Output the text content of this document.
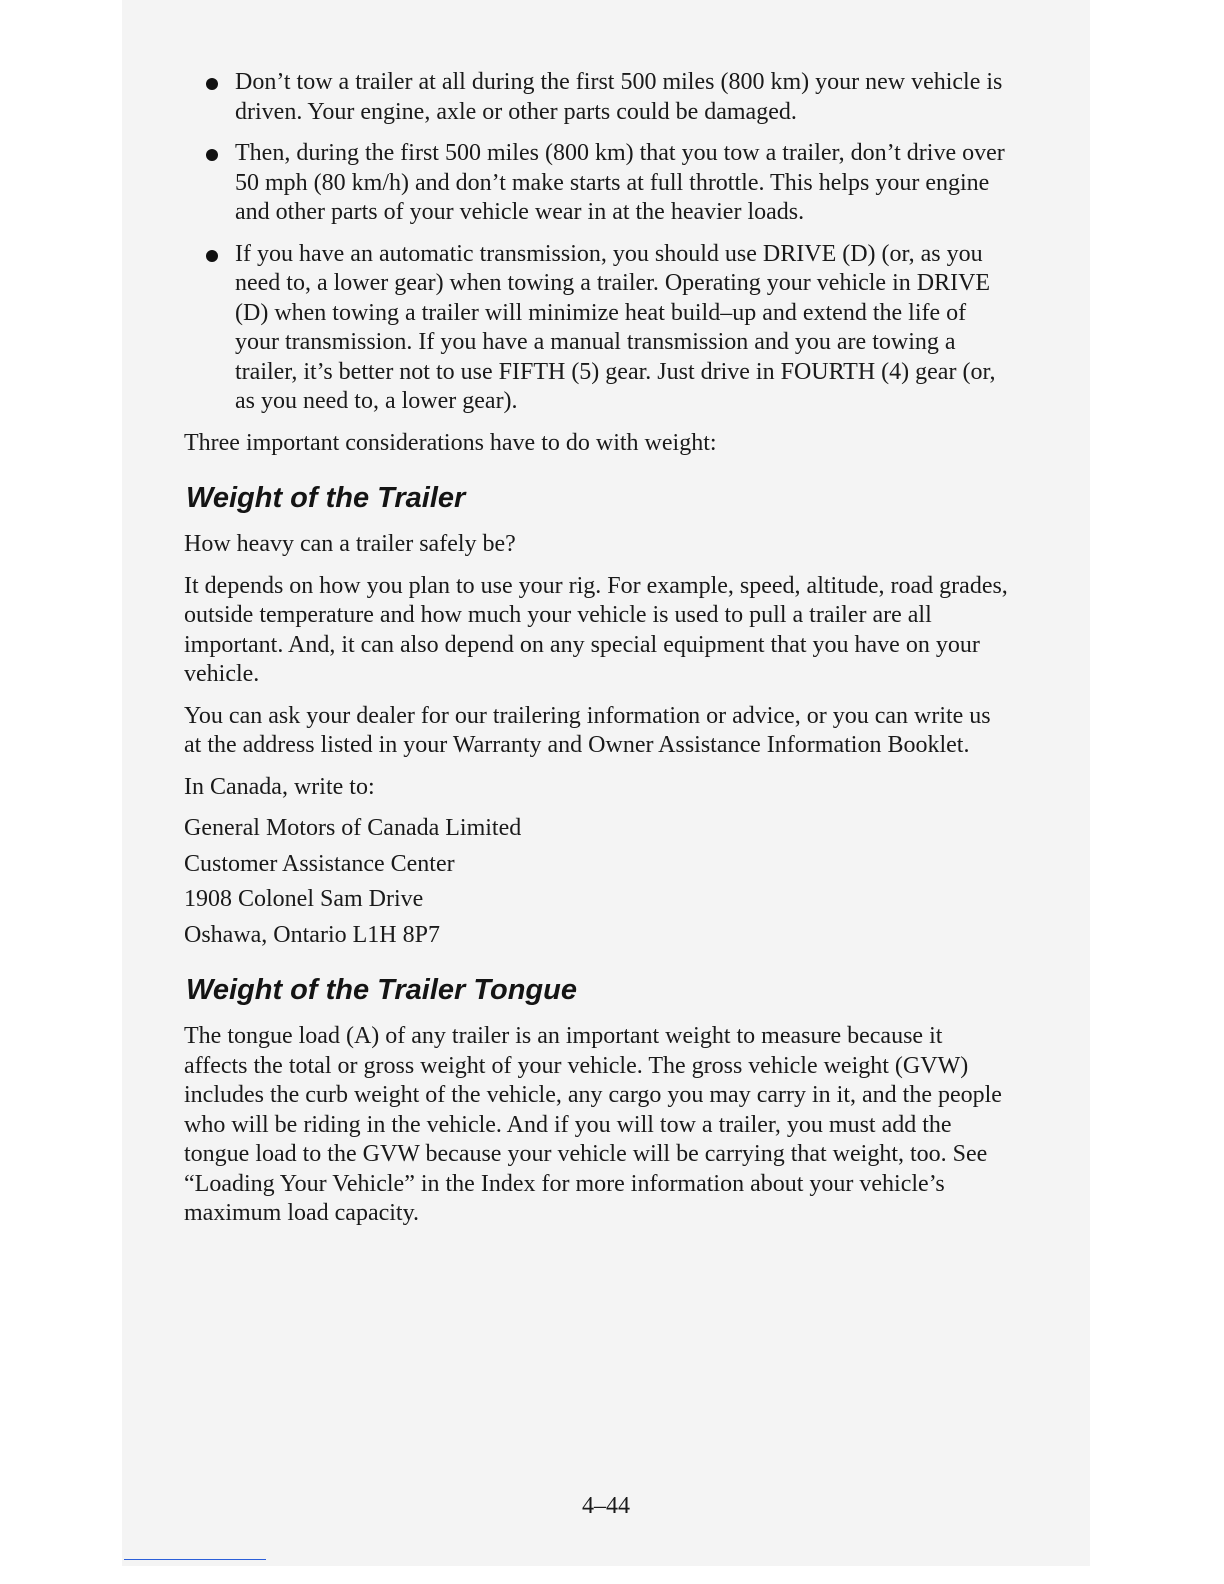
Don’t tow a trailer at all during the first 500 miles (800 km) your new vehicle is driven. Your engine, axle or other parts could be damaged.
Then, during the first 500 miles (800 km) that you tow a trailer, don’t drive over 50 mph (80 km/h) and don’t make starts at full throttle. This helps your engine and other parts of your vehicle wear in at the heavier loads.
If you have an automatic transmission, you should use DRIVE (D) (or, as you need to, a lower gear) when towing a trailer. Operating your vehicle in DRIVE (D) when towing a trailer will minimize heat build–up and extend the life of your transmission. If you have a manual transmission and you are towing a trailer, it’s better not to use FIFTH (5) gear. Just drive in FOURTH (4) gear (or, as you need to, a lower gear).

Three important considerations have to do with weight:

Weight of the Trailer

How heavy can a trailer safely be?

It depends on how you plan to use your rig. For example, speed, altitude, road grades, outside temperature and how much your vehicle is used to pull a trailer are all important. And, it can also depend on any special equipment that you have on your vehicle.

You can ask your dealer for our trailering information or advice, or you can write us at the address listed in your Warranty and Owner Assistance Information Booklet.

In Canada, write to:

General Motors of Canada Limited

Customer Assistance Center

1908 Colonel Sam Drive

Oshawa, Ontario L1H 8P7

Weight of the Trailer Tongue

The tongue load (A) of any trailer is an important weight to measure because it affects the total or gross weight of your vehicle. The gross vehicle weight (GVW) includes the curb weight of the vehicle, any cargo you may carry in it, and the people who will be riding in the vehicle. And if you will tow a trailer, you must add the tongue load to the GVW because your vehicle will be carrying that weight, too. See “Loading Your Vehicle” in the Index for more information about your vehicle’s maximum load capacity.

4–44
